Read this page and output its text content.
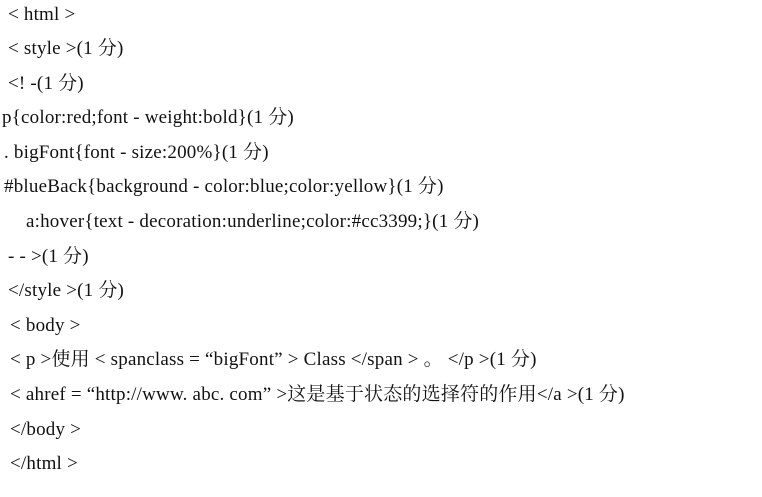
< html >
< style >(1 分)
<! -(1 分)
p{color:red;font - weight:bold}(1 分)
. bigFont{font - size:200%}(1 分)
#blueBack{background - color:blue;color:yellow}(1 分)
a:hover{text - decoration:underline;color:#cc3399;}(1 分)
- - >(1 分)
</style >(1 分)
< body >
< p >使用 < spanclass = “bigFont” > Class </span > 。 </p >(1 分)
< ahref = “http://www. abc. com” >这是基于状态的选择符的作用</a >(1 分)
</body >
</html >
